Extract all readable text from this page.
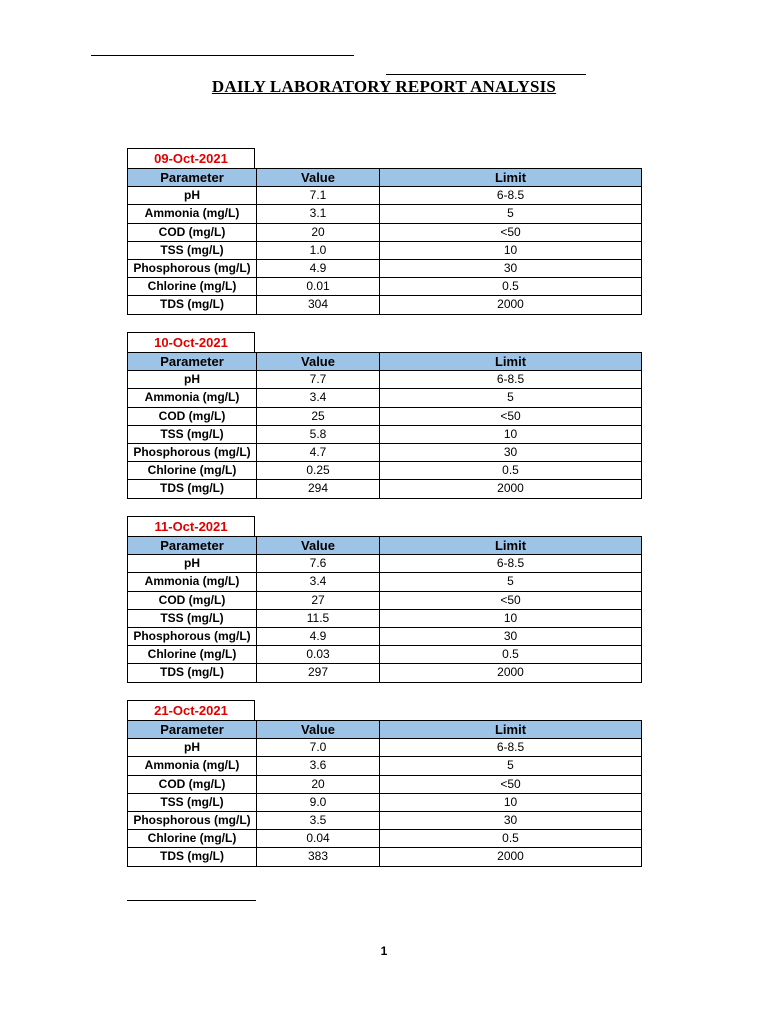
DAILY LABORATORY REPORT ANALYSIS
09-Oct-2021
Parameter	Value	Limit
pH	7.1	6-8.5
Ammonia (mg/L)	3.1	5
COD (mg/L)	20	<50
TSS (mg/L)	1.0	10
Phosphorous (mg/L)	4.9	30
Chlorine (mg/L)	0.01	0.5
TDS (mg/L)	304	2000
10-Oct-2021
Parameter	Value	Limit
pH	7.7	6-8.5
Ammonia (mg/L)	3.4	5
COD (mg/L)	25	<50
TSS (mg/L)	5.8	10
Phosphorous (mg/L)	4.7	30
Chlorine (mg/L)	0.25	0.5
TDS (mg/L)	294	2000
11-Oct-2021
Parameter	Value	Limit
pH	7.6	6-8.5
Ammonia (mg/L)	3.4	5
COD (mg/L)	27	<50
TSS (mg/L)	11.5	10
Phosphorous (mg/L)	4.9	30
Chlorine (mg/L)	0.03	0.5
TDS (mg/L)	297	2000
21-Oct-2021
Parameter	Value	Limit
pH	7.0	6-8.5
Ammonia (mg/L)	3.6	5
COD (mg/L)	20	<50
TSS (mg/L)	9.0	10
Phosphorous (mg/L)	3.5	30
Chlorine (mg/L)	0.04	0.5
TDS (mg/L)	383	2000
1
